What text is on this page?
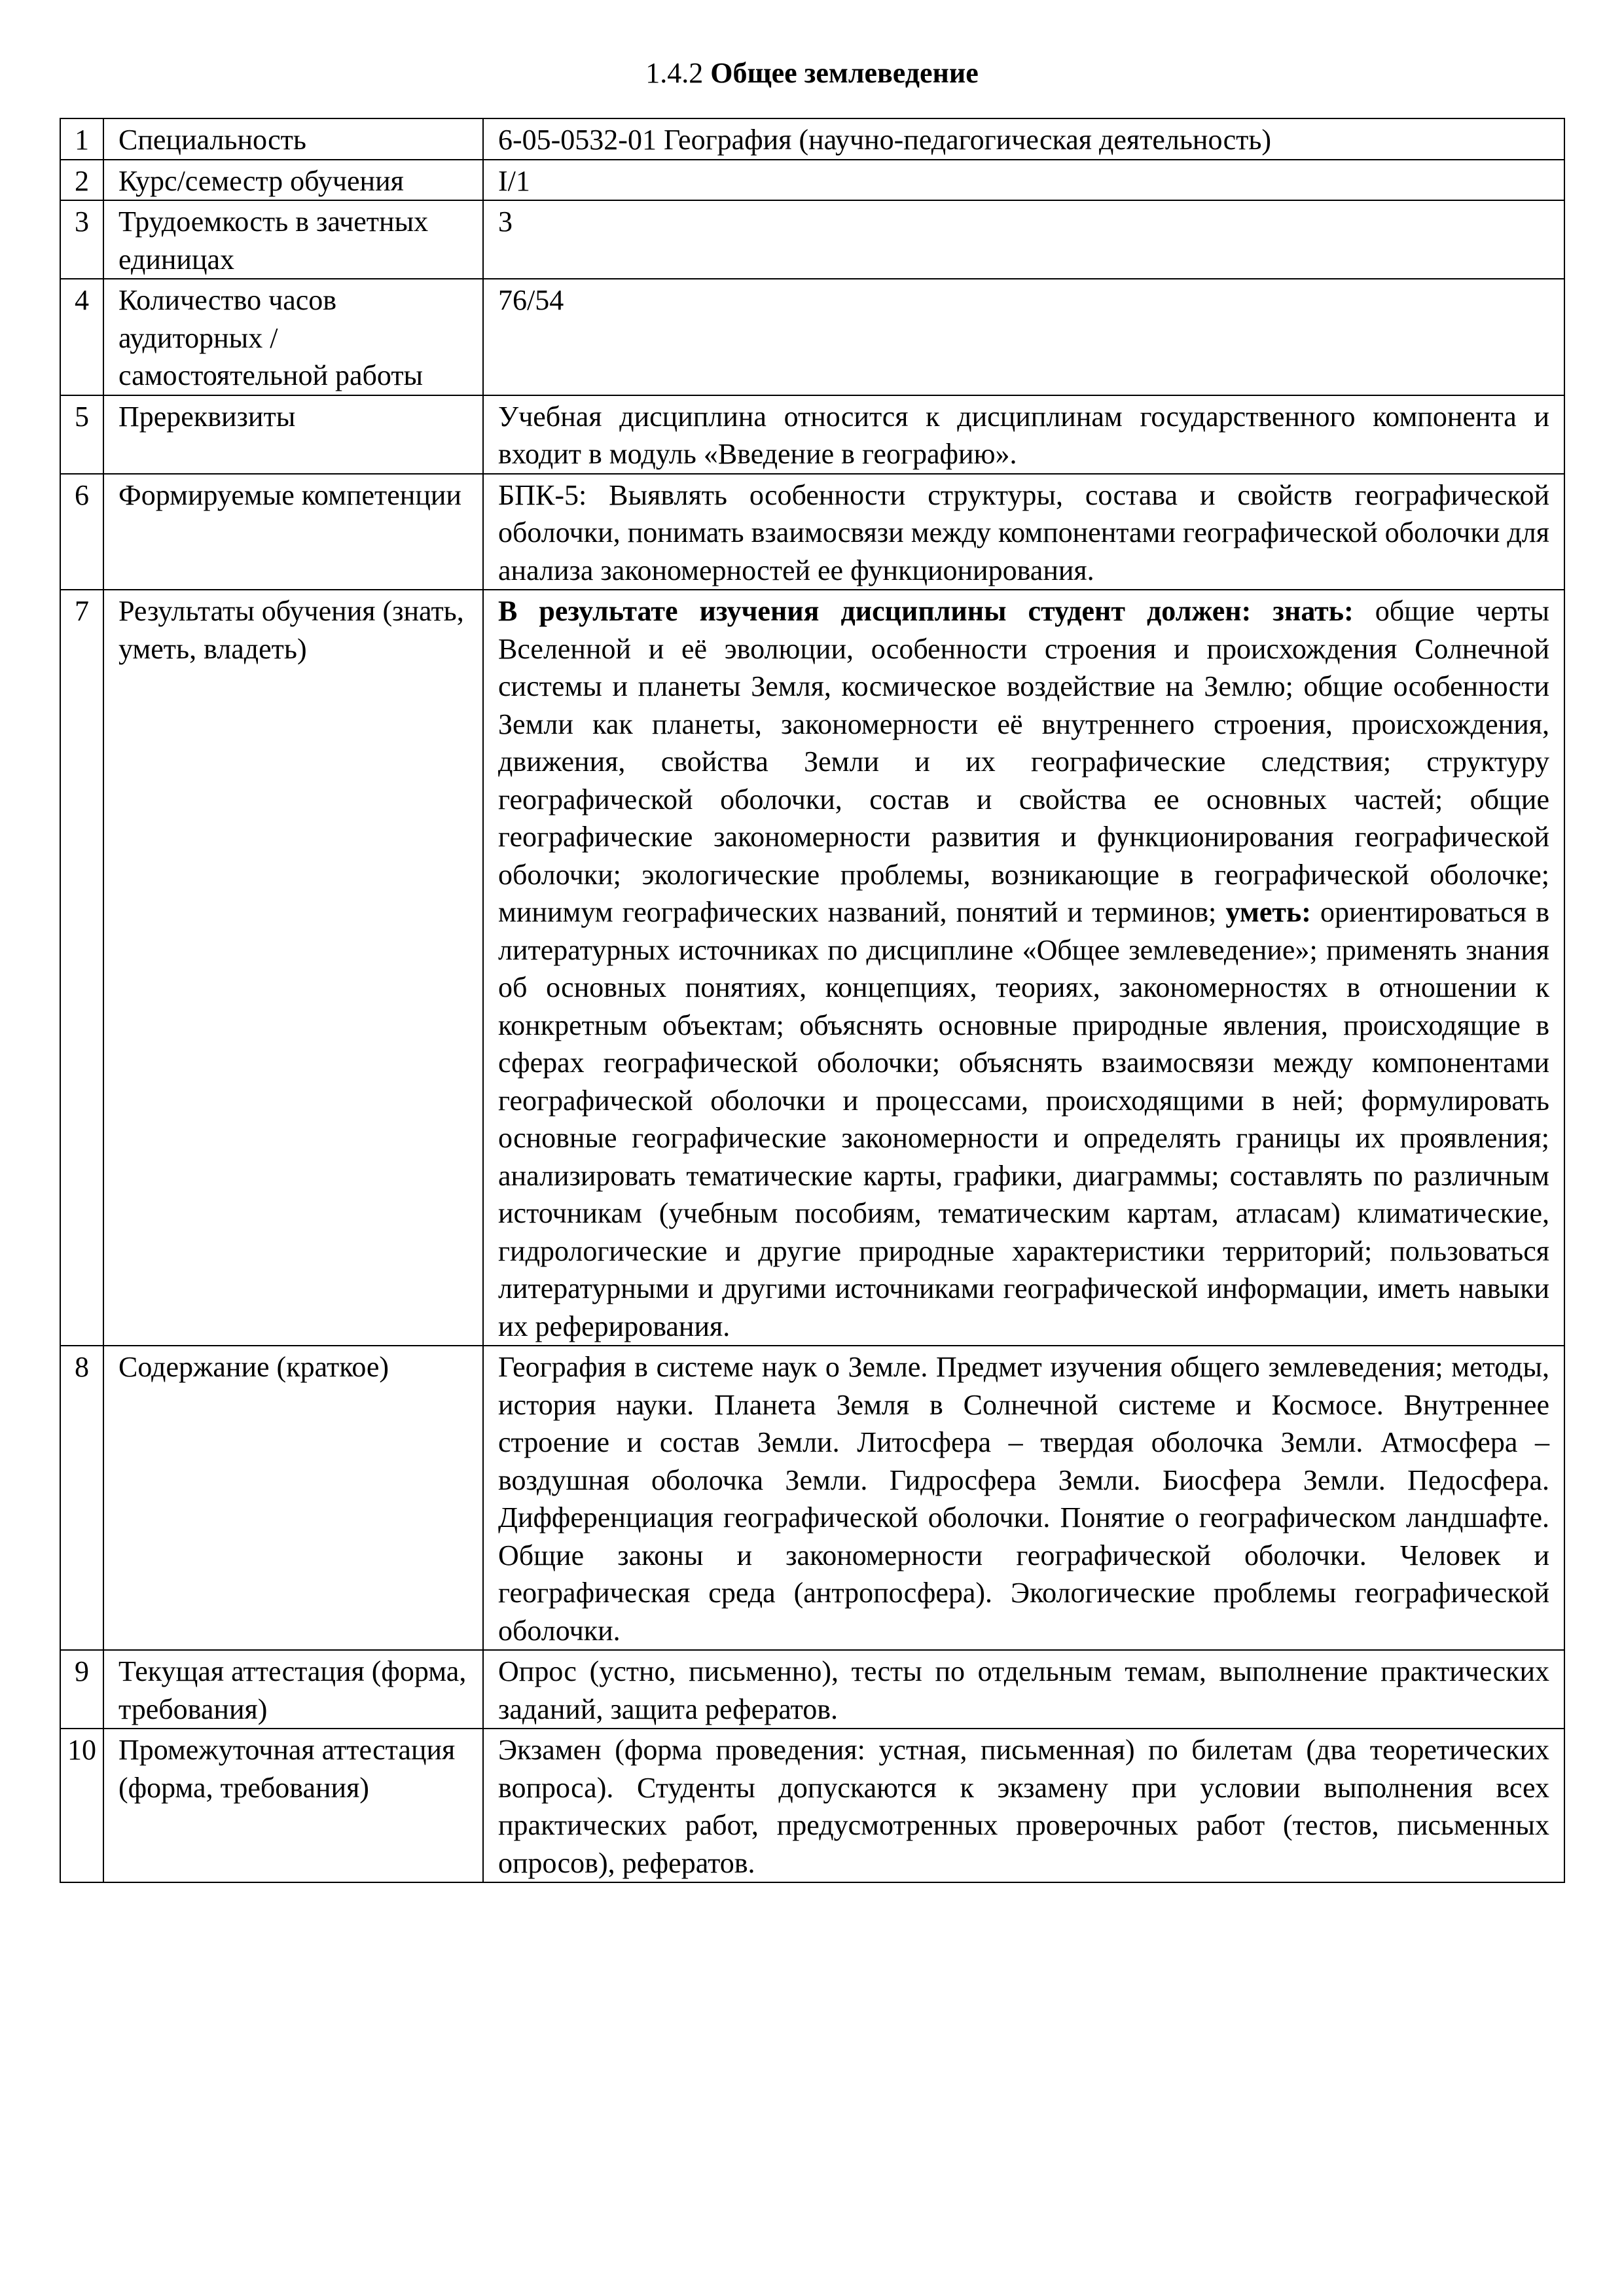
1.4.2 Общее землеведение
1	Специальность	6-05-0532-01 География (научно-педагогическая деятельность)
2	Курс/семестр обучения	I/1
3	Трудоемкость в зачетных единицах	3
4	Количество часов аудиторных / самостоятельной работы	76/54
5	Пререквизиты	Учебная дисциплина относится к дисциплинам государственного компонента и входит в модуль «Введение в географию».
6	Формируемые компетенции	БПК-5: Выявлять особенности структуры, состава и свойств географической оболочки, понимать взаимосвязи между компонентами географической оболочки для анализа закономерностей ее функционирования.
7	Результаты обучения (знать, уметь, владеть)	В результате изучения дисциплины студент должен: знать: общие черты Вселенной и её эволюции, особенности строения и происхождения Солнечной системы и планеты Земля, космическое воздействие на Землю; общие особенности Земли как планеты, закономерности её внутреннего строения, происхождения, движения, свойства Земли и их географические следствия; структуру географической оболочки, состав и свойства ее основных частей; общие географические закономерности развития и функционирования географической оболочки; экологические проблемы, возникающие в географической оболочке; минимум географических названий, понятий и терминов; уметь: ориентироваться в литературных источниках по дисциплине «Общее землеведение»; применять знания об основных понятиях, концепциях, теориях, закономерностях в отношении к конкретным объектам; объяснять основные природные явления, происходящие в сферах географической оболочки; объяснять взаимосвязи между компонентами географической оболочки и процессами, происходящими в ней; формулировать основные географические закономерности и определять границы их проявления; анализировать тематические карты, графики, диаграммы; составлять по различным источникам (учебным пособиям, тематическим картам, атласам) климатические, гидрологические и другие природные характеристики территорий; пользоваться литературными и другими источниками географической информации, иметь навыки их реферирования.
8	Содержание (краткое)	География в системе наук о Земле. Предмет изучения общего землеведения; методы, история науки. Планета Земля в Солнечной системе и Космосе. Внутреннее строение и состав Земли. Литосфера – твердая оболочка Земли. Атмосфера – воздушная оболочка Земли. Гидросфера Земли. Биосфера Земли. Педосфера. Дифференциация географической оболочки. Понятие о географическом ландшафте. Общие законы и закономерности географической оболочки. Человек и географическая среда (антропосфера). Экологические проблемы географической оболочки.
9	Текущая аттестация (форма, требования)	Опрос (устно, письменно), тесты по отдельным темам, выполнение практических заданий, защита рефератов.
10	Промежуточная аттестация (форма, требования)	Экзамен (форма проведения: устная, письменная) по билетам (два теоретических вопроса). Студенты допускаются к экзамену при условии выполнения всех практических работ, предусмотренных проверочных работ (тестов, письменных опросов), рефератов.
